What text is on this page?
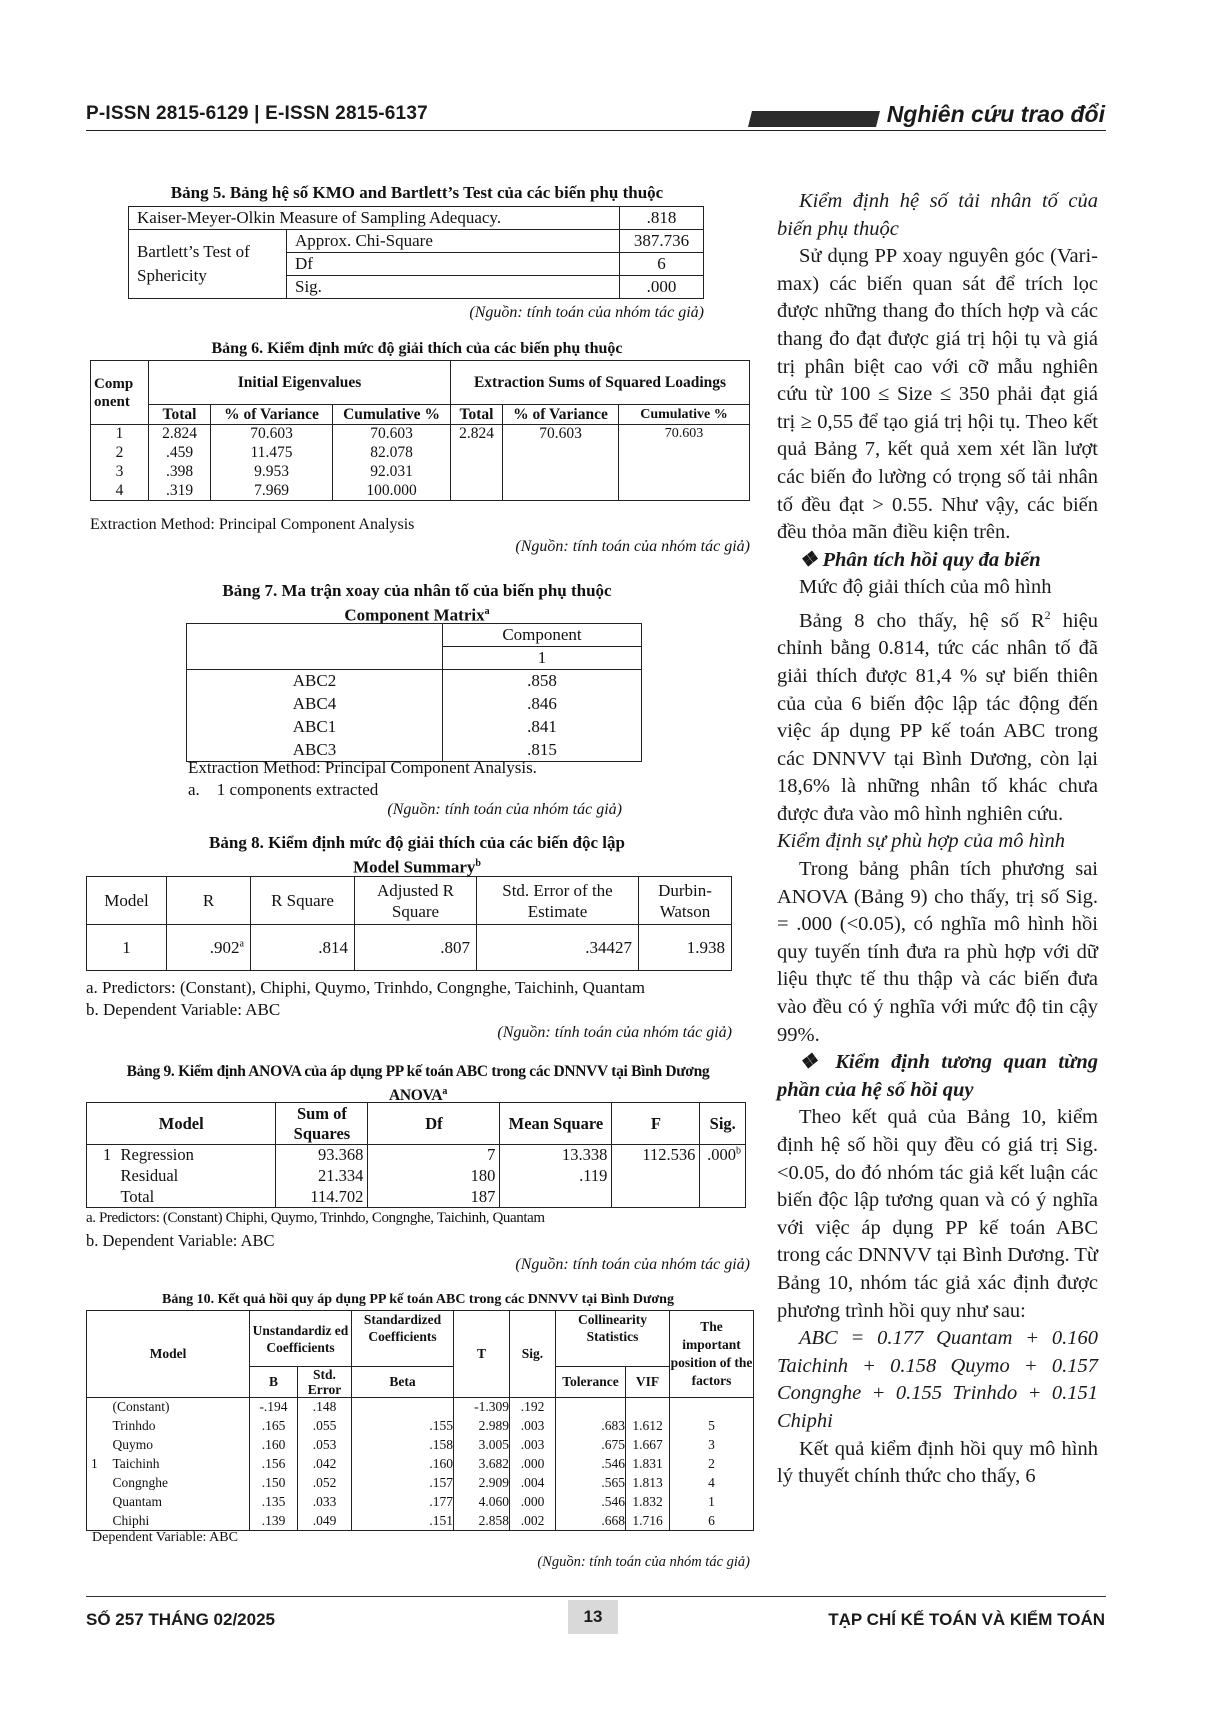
P-ISSN 2815-6129 | E-ISSN 2815-6137	Nghiên cứu trao đổi
Bảng 5. Bảng hệ số KMO and Bartlett’s Test của các biến phụ thuộc
Kaiser-Meyer-Olkin Measure of Sampling Adequacy.		.818
Bartlett’s Test of Sphericity	Approx. Chi-Square	387.736
	Df	6
	Sig.	.000
(Nguồn: tính toán của nhóm tác giả)
Bảng 6. Kiểm định mức độ giải thích của các biến phụ thuộc
Comp onent	Initial Eigenvalues			Extraction Sums of Squared Loadings		
	Total	% of Variance	Cumulative %	Total	% of Variance	Cumulative %
1	2.824	70.603	70.603	2.824	70.603	70.603
2	.459	11.475	82.078			
3	.398	9.953	92.031			
4	.319	7.969	100.000			
Extraction Method: Principal Component Analysis
(Nguồn: tính toán của nhóm tác giả)
Bảng 7. Ma trận xoay của nhân tố của biến phụ thuộc
Component Matrix$^a$
	Component
	1
ABC2	.858
ABC4	.846
ABC1	.841
ABC3	.815
Extraction Method: Principal Component Analysis.
a.    1 components extracted
(Nguồn: tính toán của nhóm tác giả)
Bảng 8. Kiểm định mức độ giải thích của các biến độc lập
Model Summary$^b$
Model	R	R Square	Adjusted R Square	Std. Error of the Estimate	Durbin-Watson
1	.902$^a$	.814	.807	.34427	1.938
a. Predictors: (Constant), Chiphi, Quymo, Trinhdo, Congnghe, Taichinh, Quantam
b. Dependent Variable: ABC
(Nguồn: tính toán của nhóm tác giả)
Bảng 9. Kiểm định ANOVA của áp dụng PP kế toán ABC trong các DNNVV tại Bình Dương
ANOVA$^a$
Model		Sum of Squares	Df	Mean Square	F	Sig.
1	Regression	93.368	7	13.338	112.536	.000$^b$
	Residual	21.334	180	.119		
	Total	114.702	187			
a. Predictors: (Constant) Chiphi, Quymo, Trinhdo, Congnghe, Taichinh, Quantam
b. Dependent Variable: ABC
(Nguồn: tính toán của nhóm tác giả)
Bảng 10. Kết quả hồi quy áp dụng PP kế toán ABC trong các DNNVV tại Bình Dương
Model		Unstandardiz ed Coefficients		Standardized Coefficients	T	Sig.	Collinearity Statistics		The important position of the factors
		B	Std. Error	Beta			Tolerance	VIF	
1	(Constant)	-.194	.148		-1.309	.192			
	Trinhdo	.165	.055	.155	2.989	.003	.683	1.612	5
	Quymo	.160	.053	.158	3.005	.003	.675	1.667	3
	Taichinh	.156	.042	.160	3.682	.000	.546	1.831	2
	Congnghe	.150	.052	.157	2.909	.004	.565	1.813	4
	Quantam	.135	.033	.177	4.060	.000	.546	1.832	1
	Chiphi	.139	.049	.151	2.858	.002	.668	1.716	6
Dependent Variable: ABC
(Nguồn: tính toán của nhóm tác giả)

Kiểm định hệ số tải nhân tố của biến phụ thuộc

Sử dụng PP xoay nguyên góc (Vari-max) các biến quan sát để trích lọc được những thang đo thích hợp và các thang đo đạt được giá trị hội tụ và giá trị phân biệt cao với cỡ mẫu nghiên cứu từ 100 ≤ Size ≤ 350 phải đạt giá trị ≥ 0,55 để tạo giá trị hội tụ. Theo kết quả Bảng 7, kết quả xem xét lần lượt các biến đo lường có trọng số tải nhân tố đều đạt > 0.55. Như vậy, các biến đều thỏa mãn điều kiện trên.

❖ Phân tích hồi quy đa biến

Mức độ giải thích của mô hình

Bảng 8 cho thấy, hệ số $R^2$ hiệu chỉnh bằng 0.814, tức các nhân tố đã giải thích được 81,4 % sự biến thiên của của 6 biến độc lập tác động đến việc áp dụng PP kế toán ABC trong các DNNVV tại Bình Dương, còn lại 18,6% là những nhân tố khác chưa được đưa vào mô hình nghiên cứu.

Kiểm định sự phù hợp của mô hình

Trong bảng phân tích phương sai ANOVA (Bảng 9) cho thấy, trị số Sig. = .000 (<0.05), có nghĩa mô hình hồi quy tuyến tính đưa ra phù hợp với dữ liệu thực tế thu thập và các biến đưa vào đều có ý nghĩa với mức độ tin cậy 99%.

❖ Kiểm định tương quan từng phần của hệ số hồi quy

Theo kết quả của Bảng 10, kiểm định hệ số hồi quy đều có giá trị Sig. <0.05, do đó nhóm tác giả kết luận các biến độc lập tương quan và có ý nghĩa với việc áp dụng PP kế toán ABC trong các DNNVV tại Bình Dương. Từ Bảng 10, nhóm tác giả xác định được phương trình hồi quy như sau:

ABC = 0.177 Quantam + 0.160 Taichinh + 0.158 Quymo + 0.157 Congnghe + 0.155 Trinhdo + 0.151 Chiphi

Kết quả kiểm định hồi quy mô hình lý thuyết chính thức cho thấy, 6

SỐ 257 THÁNG 02/2025	13	TẠP CHÍ KẾ TOÁN VÀ KIỂM TOÁN
